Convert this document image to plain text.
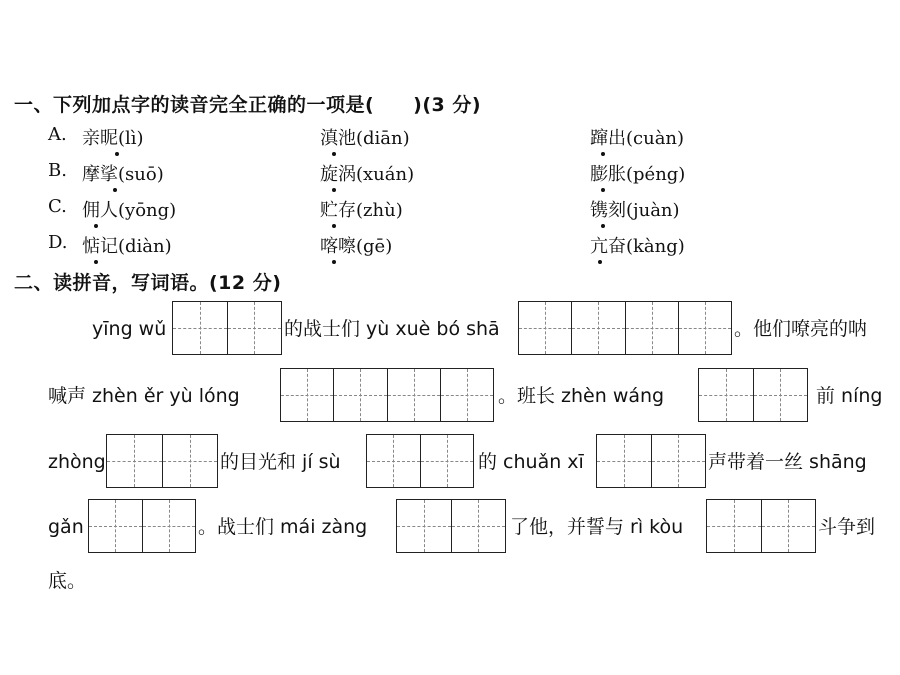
一、下列加点字的读音完全正确的一项是(　　)(3 分)
A. 亲昵(lì)	滇池(diān)	蹿出(cuàn)
B. 摩挲(suō)	旋涡(xuán)	膨胀(péng)
C. 佣人(yōng)	贮存(zhù)	镌刻(juàn)
D. 惦记(diàn)	喀嚓(gē)	亢奋(kàng)
二、读拼音，写词语。(12 分)
yīng wǔ	的战士们 yù xuè bó shā	。他们嘹亮的呐
喊声 zhèn ěr yù lóng	。班长 zhèn wáng	前 níng
zhòng	的目光和 jí sù	的 chuǎn xī	声带着一丝 shāng
gǎn	。战士们 mái zàng	了他，并誓与 rì kòu	斗争到
底。
